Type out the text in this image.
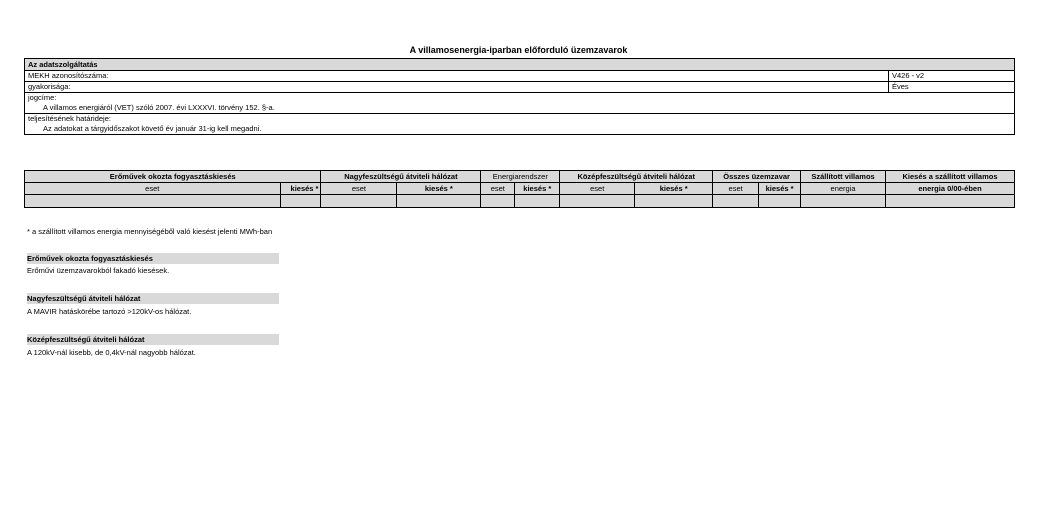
A villamosenergia-iparban előforduló üzemzavarok
Az adatszolgáltatás	
MEKH azonosítószáma:	V426 - v2
gyakorisága:	Éves
jogcíme:	
A villamos energiáról (VET) szóló 2007. évi LXXXVI. törvény 152. §-a.	
teljesítésének határideje:	
Az adatokat a tárgyidőszakot követő év január 31-ig kell megadni.	
Erőművek okozta fogyasztáskiesés		Nagyfeszültségű átviteli hálózat		Energiarendszer		Középfeszültségű átviteli hálózat		Összes üzemzavar		Szállított villamos	Kiesés a szállított villamos
eset	kiesés *	eset	kiesés *	eset	kiesés *	eset	kiesés *	eset	kiesés *	energia	energia 0/00-ében

* a szállított villamos energia mennyiségéből való kiesést jelenti MWh-ban
Erőművek okozta fogyasztáskiesés
Erőművi üzemzavarokból fakadó kiesések.
Nagyfeszültségű átviteli hálózat
A MAVIR hatáskörébe tartozó >120kV-os hálózat.
Középfeszültségű átviteli hálózat
A 120kV-nál kisebb, de 0,4kV-nál nagyobb hálózat.
